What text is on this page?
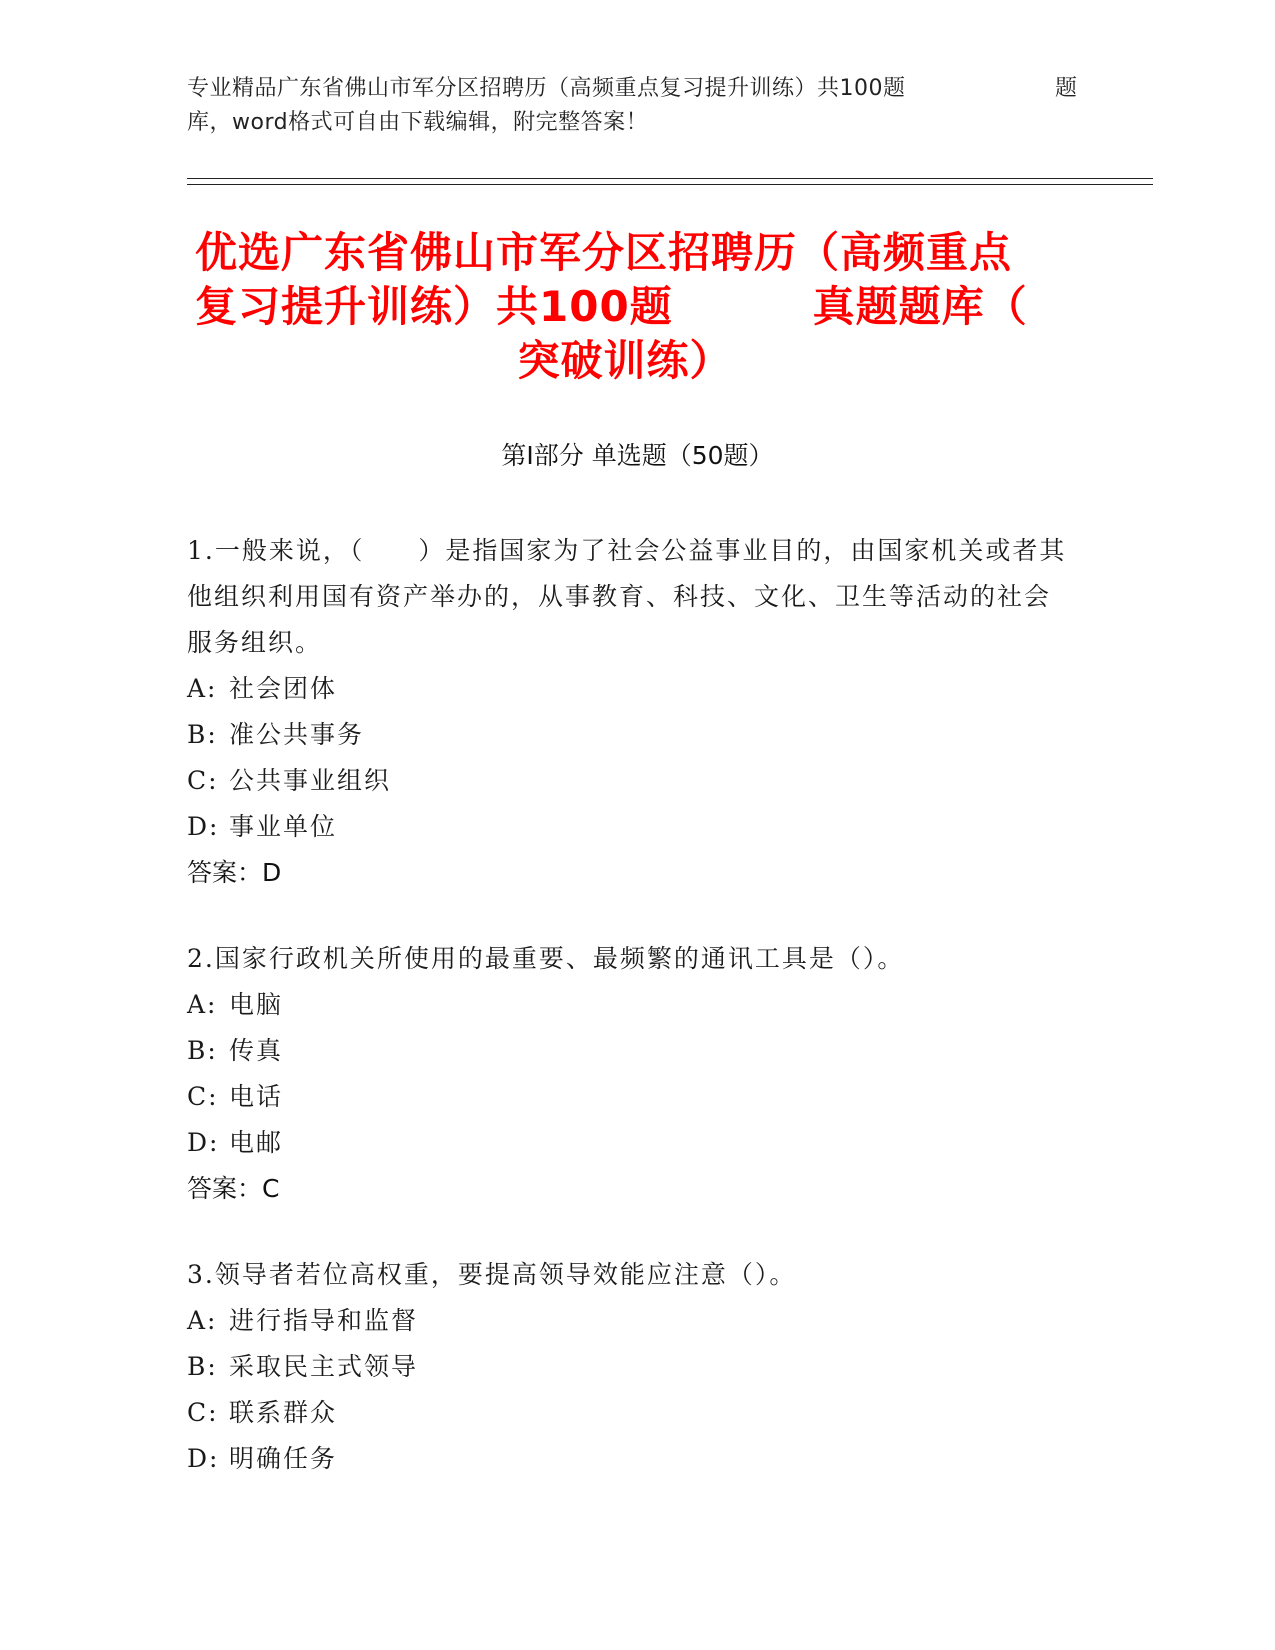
专业精品广东省佛山市军分区招聘历（高频重点复习提升训练）共100题	题
库，word格式可自由下载编辑，附完整答案！
优选广东省佛山市军分区招聘历（高频重点
复习提升训练）共100题	真题题库（
突破训练）
第Ⅰ部分 单选题（50题）
1.一般来说，（　　）是指国家为了社会公益事业目的，由国家机关或者其他组织利用国有资产举办的，从事教育、科技、文化、卫生等活动的社会服务组织。
A: 社会团体
B: 准公共事务
C: 公共事业组织
D: 事业单位
答案：D
2.国家行政机关所使用的最重要、最频繁的通讯工具是（）。
A: 电脑
B: 传真
C: 电话
D: 电邮
答案：C
3.领导者若位高权重，要提高领导效能应注意（）。
A: 进行指导和监督
B: 采取民主式领导
C: 联系群众
D: 明确任务
